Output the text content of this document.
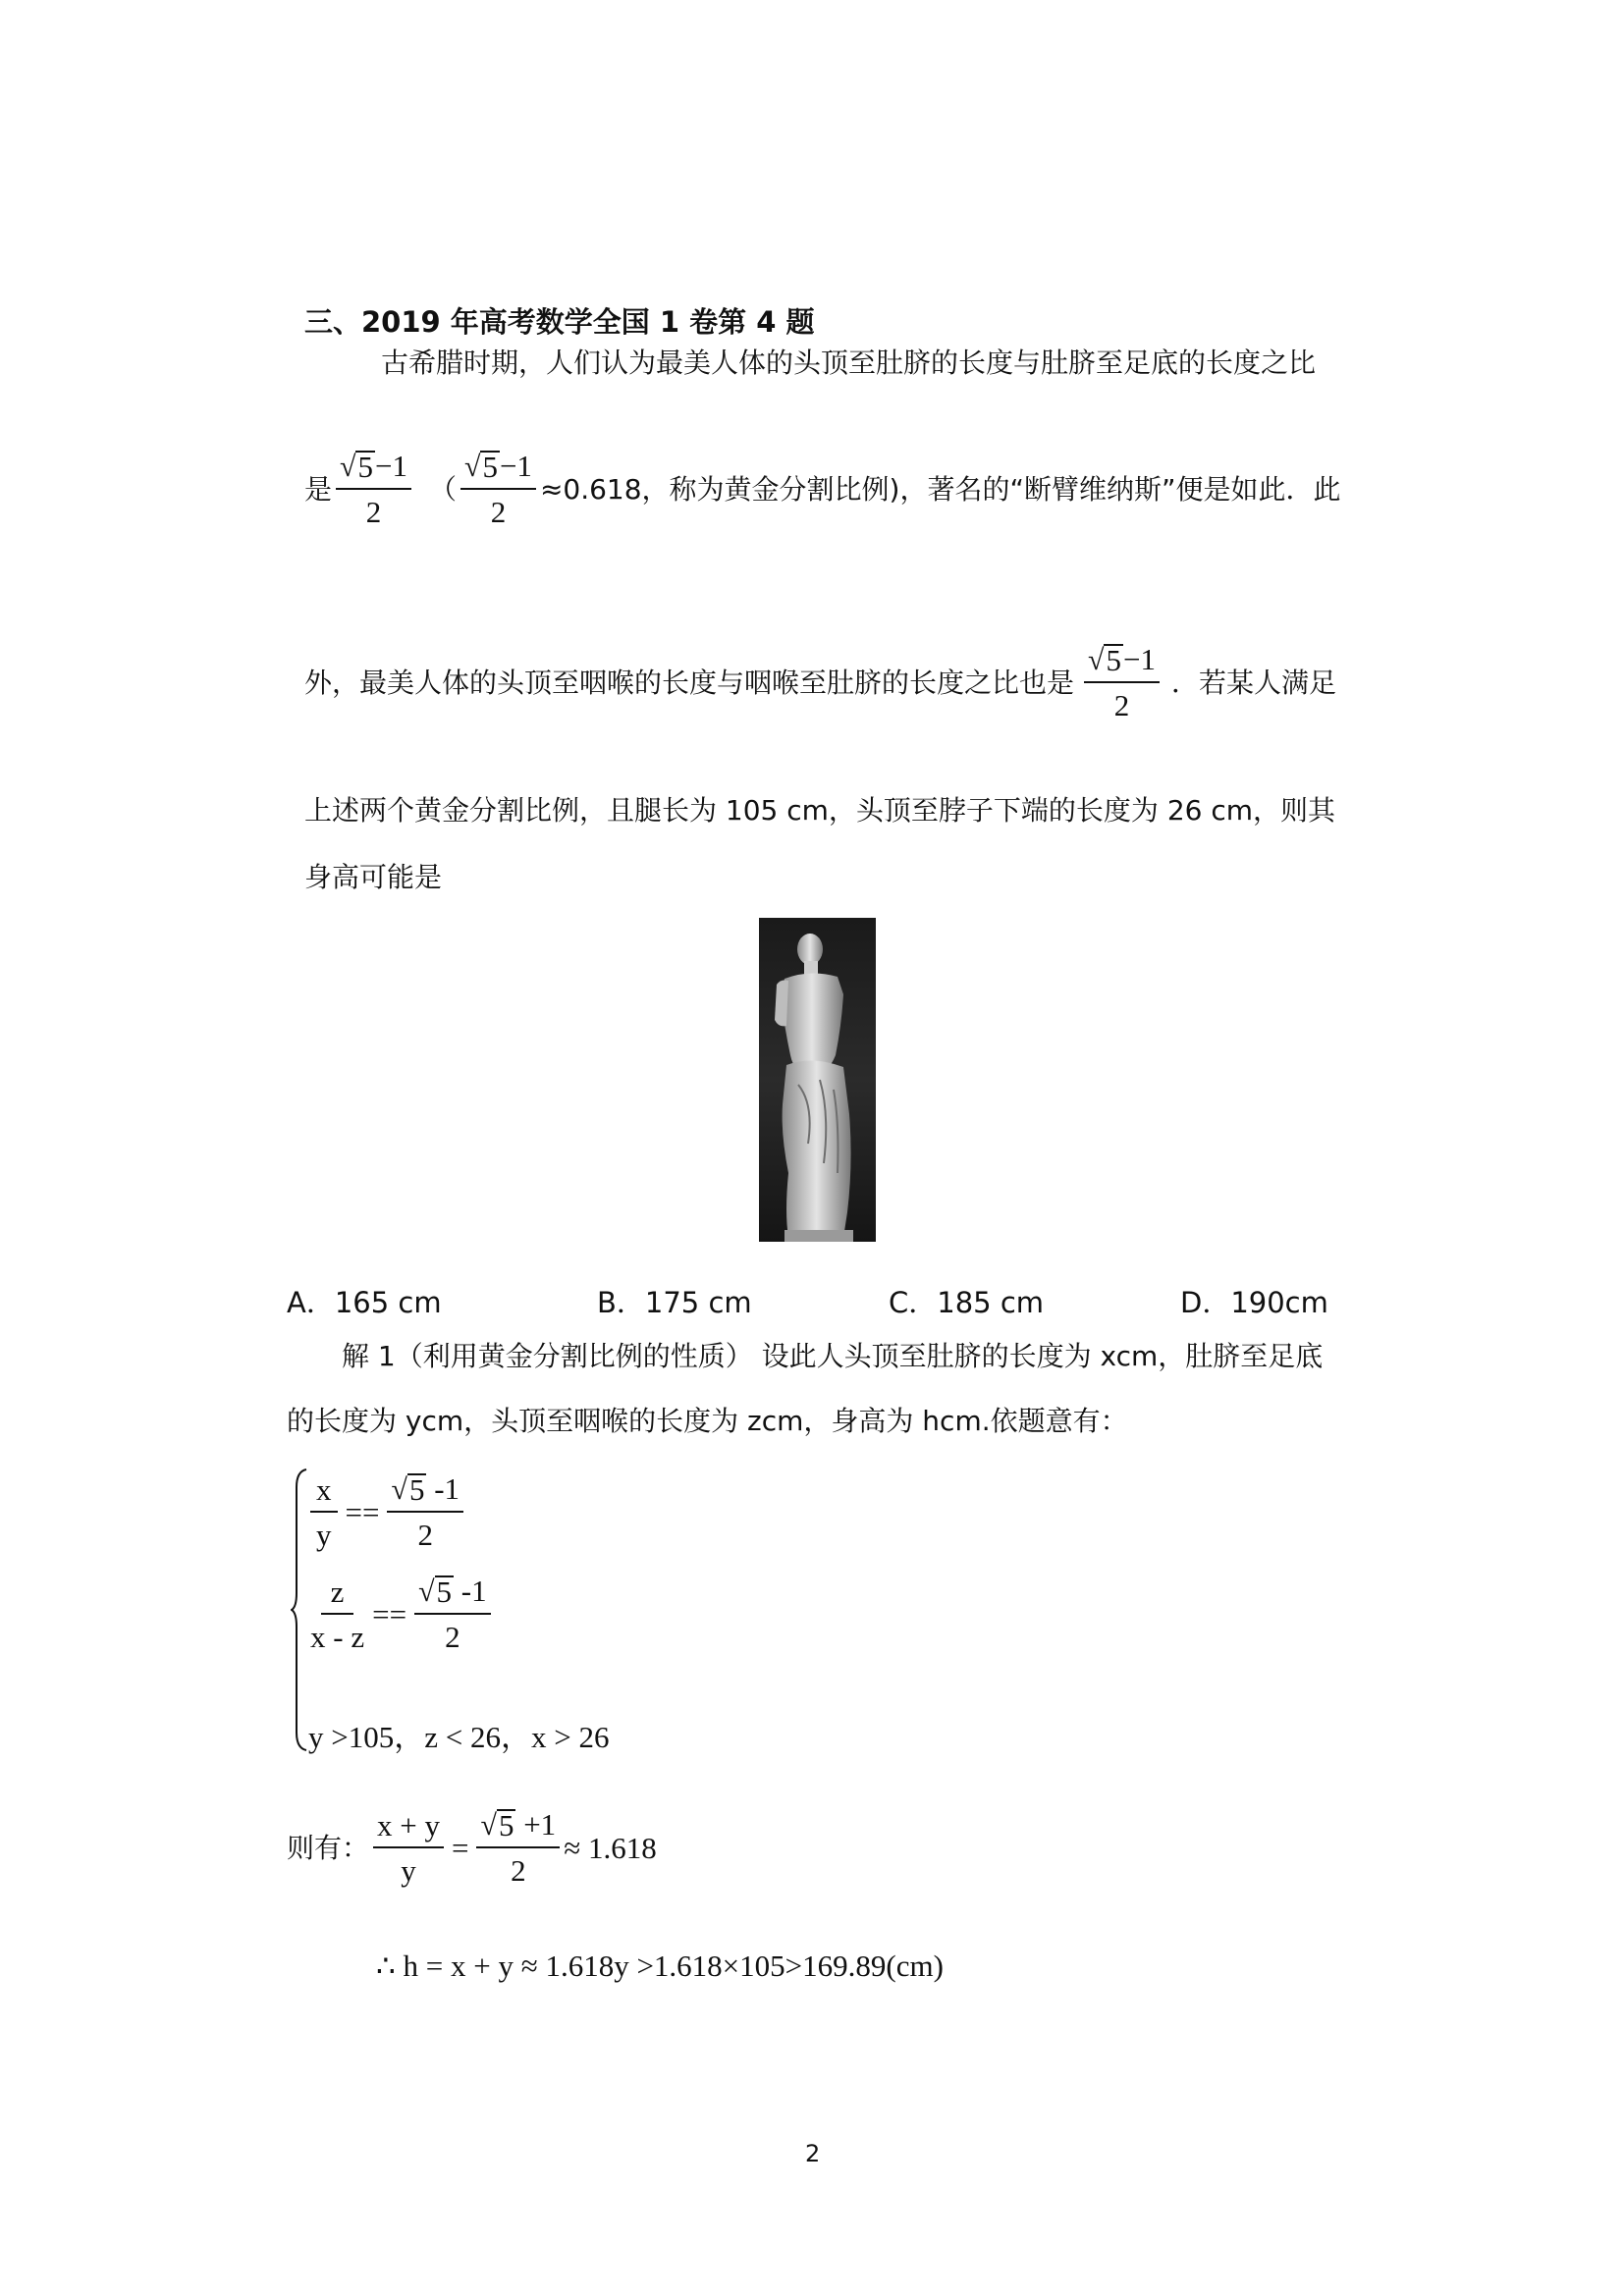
三、2019 年高考数学全国 1 卷第 4 题
古希腊时期，人们认为最美人体的头顶至肚脐的长度与肚脐至足底的长度之比
是 $\frac{√ 5 -1}{2}$ （ $\frac{√ 5 -1}{2} \approx 0.618$，称为黄金分割比例)，著名的“断臂维纳斯”便是如此．此
外，最美人体的头顶至咽喉的长度与咽喉至肚脐的长度之比也是 $\frac{√ 5 -1}{2}$ ．若某人满足
上述两个黄金分割比例，且腿长为 105 cm，头顶至脖子下端的长度为 26 cm，则其
身高可能是
A．165 cm	B．175 cm	C．185 cm	D．190cm
解 1（利用黄金分割比例的性质） 设此人头顶至肚脐的长度为 xcm，肚脐至足底
的长度为 ycm，头顶至咽喉的长度为 zcm，身高为 hcm.依题意有：
$\frac{x}{y} == \frac{√ 5 -1}{2}$
$\frac{z}{x - z} == \frac{√ 5 -1}{2}$
y >105，z < 26，x > 26
则有： $\frac{x + y}{y} = \frac{√ 5 +1}{2} \approx 1.618$
∴ h = x + y ≈ 1.618y >1.618×105>169.89(cm)
2
